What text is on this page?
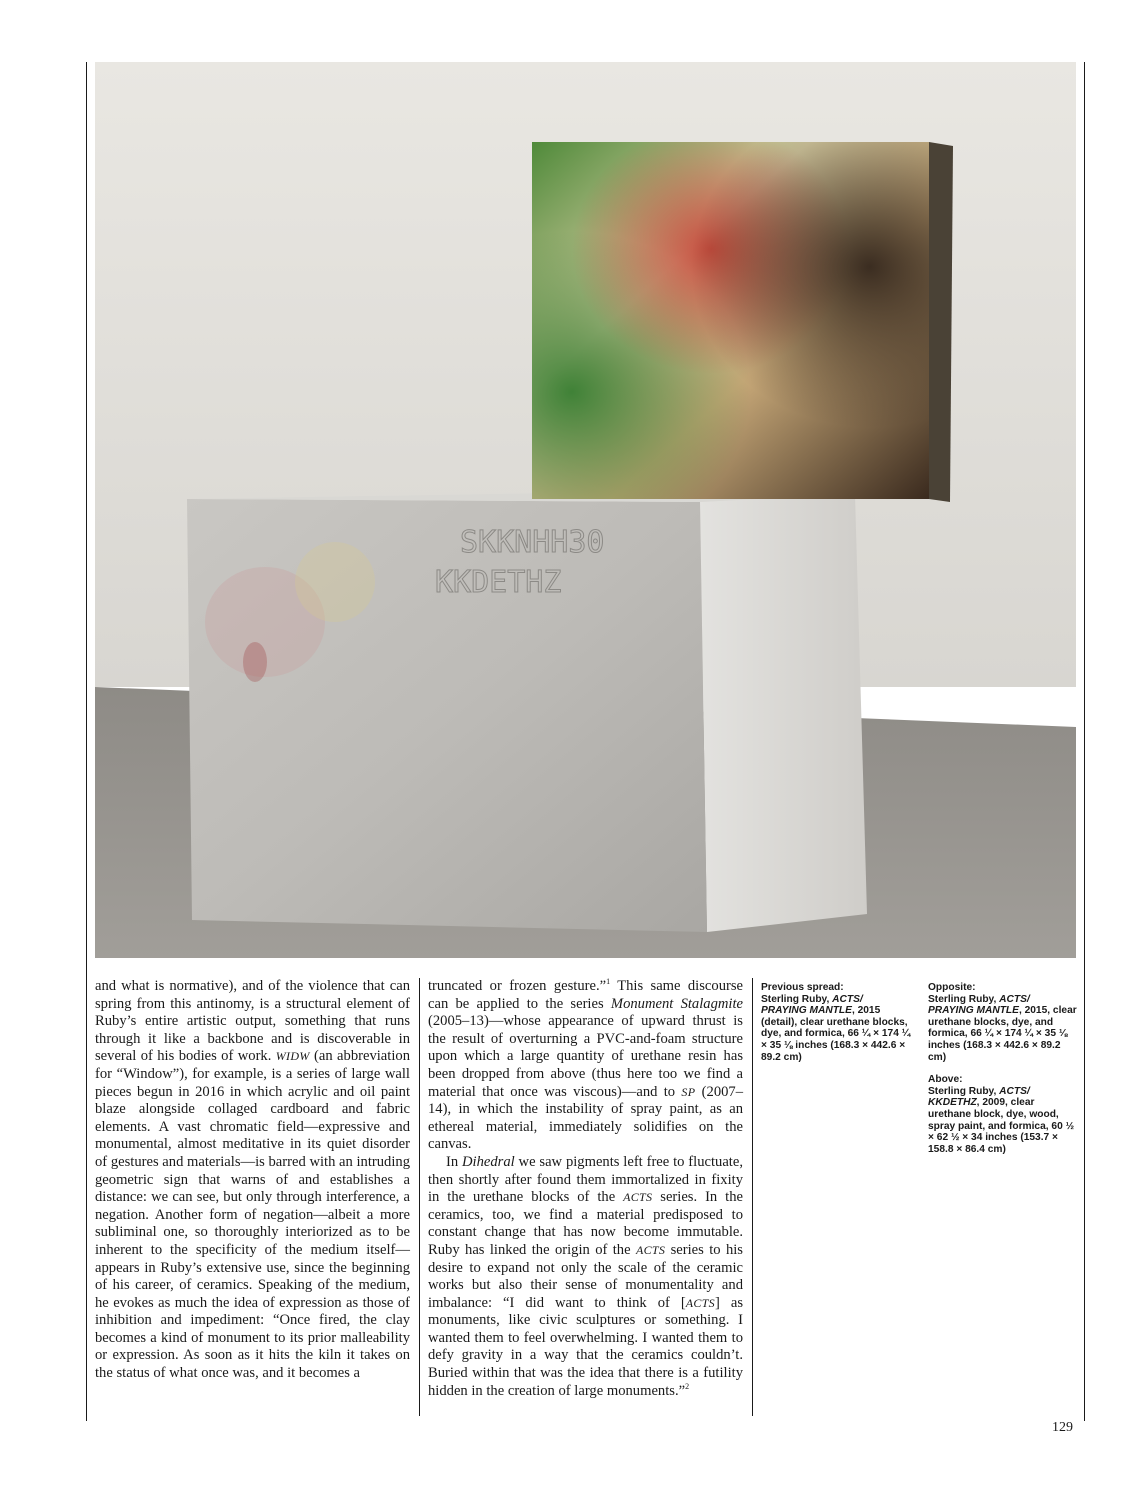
SKKNHH30
KKDETHZ

and what is normative), and of the violence that can spring from this antinomy, is a structural element of Ruby’s entire artistic output, something that runs through it like a backbone and is discoverable in several of his bodies of work. WIDW (an abbreviation for “Window”), for example, is a series of large wall pieces begun in 2016 in which acrylic and oil paint blaze alongside collaged cardboard and fabric elements. A vast chromatic field—expressive and monumental, almost meditative in its quiet disorder of gestures and materials—is barred with an intruding geometric sign that warns of and establishes a distance: we can see, but only through interference, a negation. Another form of negation—albeit a more subliminal one, so thoroughly interiorized as to be inherent to the specificity of the medium itself—appears in Ruby’s extensive use, since the beginning of his career, of ceramics. Speaking of the medium, he evokes as much the idea of expression as those of inhibition and impediment: “Once fired, the clay becomes a kind of monument to its prior malleability or expression. As soon as it hits the kiln it takes on the status of what once was, and it becomes a

truncated or frozen gesture.”$^1$ This same discourse can be applied to the series Monument Stalagmite (2005–13)—whose appearance of upward thrust is the result of overturning a PVC-and-foam structure upon which a large quantity of urethane resin has been dropped from above (thus here too we find a material that once was viscous)—and to SP (2007–14), in which the instability of spray paint, as an ethereal material, immediately solidifies on the canvas.

In Dihedral we saw pigments left free to fluctuate, then shortly after found them immortalized in fixity in the urethane blocks of the ACTS series. In the ceramics, too, we find a material predisposed to constant change that has now become immutable. Ruby has linked the origin of the ACTS series to his desire to expand not only the scale of the ceramic works but also their sense of monumentality and imbalance: “I did want to think of [ACTS] as monuments, like civic sculptures or something. I wanted them to feel overwhelming. I wanted them to defy gravity in a way that the ceramics couldn’t. Buried within that was the idea that there is a futility hidden in the creation of large monuments.”$^2$

Previous spread:
Sterling Ruby, ACTS/ PRAYING MANTLE, 2015 (detail), clear urethane blocks, dye, and formica, 66 ¼ × 174 ¼ × 35 ⅛ inches (168.3 × 442.6 × 89.2 cm)

Opposite:
Sterling Ruby, ACTS/ PRAYING MANTLE, 2015, clear urethane blocks, dye, and formica, 66 ¼ × 174 ¼ × 35 ⅛ inches (168.3 × 442.6 × 89.2 cm)

Above:
Sterling Ruby, ACTS/ KKDETHZ, 2009, clear urethane block, dye, wood, spray paint, and formica, 60 ½ × 62 ½ × 34 inches (153.7 × 158.8 × 86.4 cm)

129
